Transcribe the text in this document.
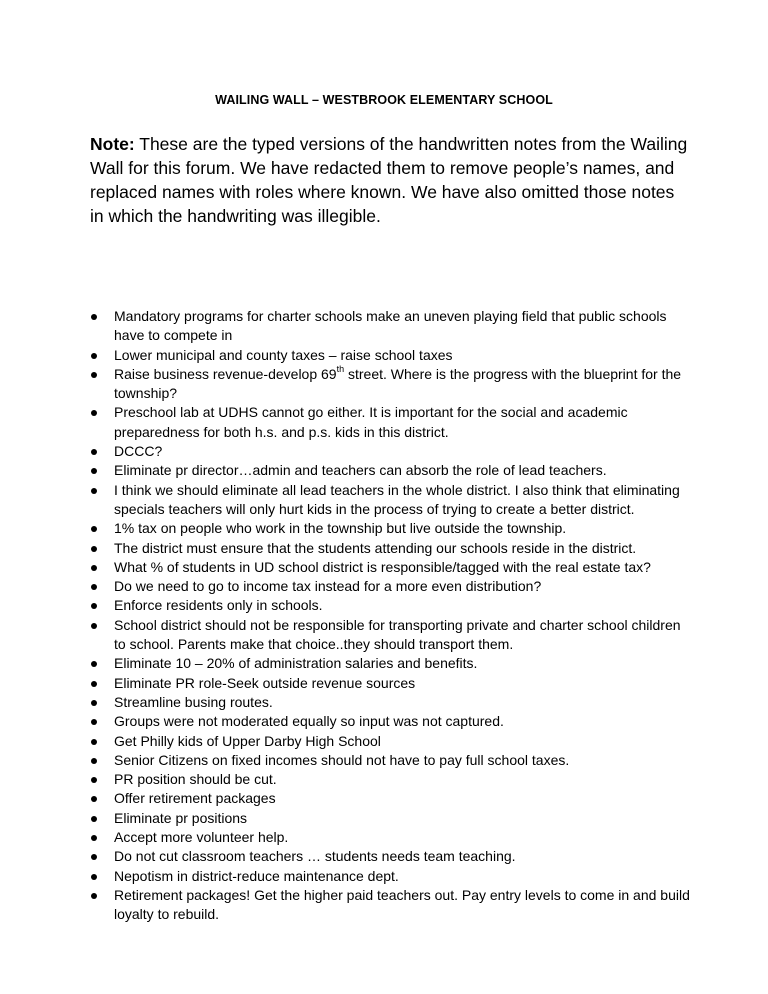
WAILING WALL – WESTBROOK ELEMENTARY SCHOOL
Note: These are the typed versions of the handwritten notes from the Wailing Wall for this forum. We have redacted them to remove people’s names, and replaced names with roles where known. We have also omitted those notes in which the handwriting was illegible.
Mandatory programs for charter schools make an uneven playing field that public schools have to compete in
Lower municipal and county taxes – raise school taxes
Raise business revenue-develop 69th street. Where is the progress with the blueprint for the township?
Preschool lab at UDHS cannot go either. It is important for the social and academic preparedness for both h.s. and p.s. kids in this district.
DCCC?
Eliminate pr director…admin and teachers can absorb the role of lead teachers.
I think we should eliminate all lead teachers in the whole district. I also think that eliminating specials teachers will only hurt kids in the process of trying to create a better district.
1% tax on people who work in the township but live outside the township.
The district must ensure that the students attending our schools reside in the district.
What % of students in UD school district is responsible/tagged with the real estate tax?
Do we need to go to income tax instead for a more even distribution?
Enforce residents only in schools.
School district should not be responsible for transporting private and charter school children to school. Parents make that choice..they should transport them.
Eliminate 10 – 20% of administration salaries and benefits.
Eliminate PR role-Seek outside revenue sources
Streamline busing routes.
Groups were not moderated equally so input was not captured.
Get Philly kids of Upper Darby High School
Senior Citizens on fixed incomes should not have to pay full school taxes.
PR position should be cut.
Offer retirement packages
Eliminate pr positions
Accept more volunteer help.
Do not cut classroom teachers … students needs team teaching.
Nepotism in district-reduce maintenance dept.
Retirement packages! Get the higher paid teachers out. Pay entry levels to come in and build loyalty to rebuild.
